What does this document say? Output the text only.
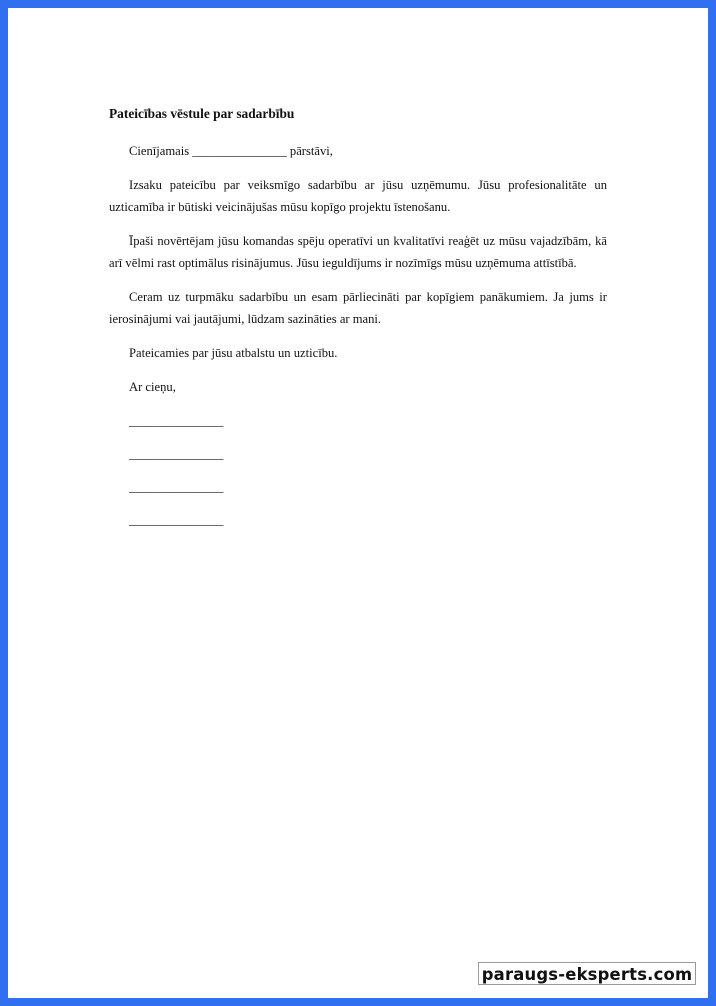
Pateicības vēstule par sadarbību

Cienījamais _______________ pārstāvi,

Izsaku pateicību par veiksmīgo sadarbību ar jūsu uzņēmumu. Jūsu profesionalitāte un uzticamība ir būtiski veicinājušas mūsu kopīgo projektu īstenošanu.

Īpaši novērtējam jūsu komandas spēju operatīvi un kvalitatīvi reaģēt uz mūsu vajadzībām, kā arī vēlmi rast optimālus risinājumus. Jūsu ieguldījums ir nozīmīgs mūsu uzņēmuma attīstībā.

Ceram uz turpmāku sadarbību un esam pārliecināti par kopīgiem panākumiem. Ja jums ir ierosinājumi vai jautājumi, lūdzam sazināties ar mani.

Pateicamies par jūsu atbalstu un uzticību.

Ar cieņu,

_______________
_______________
_______________
_______________
paraugs-eksperts.com
